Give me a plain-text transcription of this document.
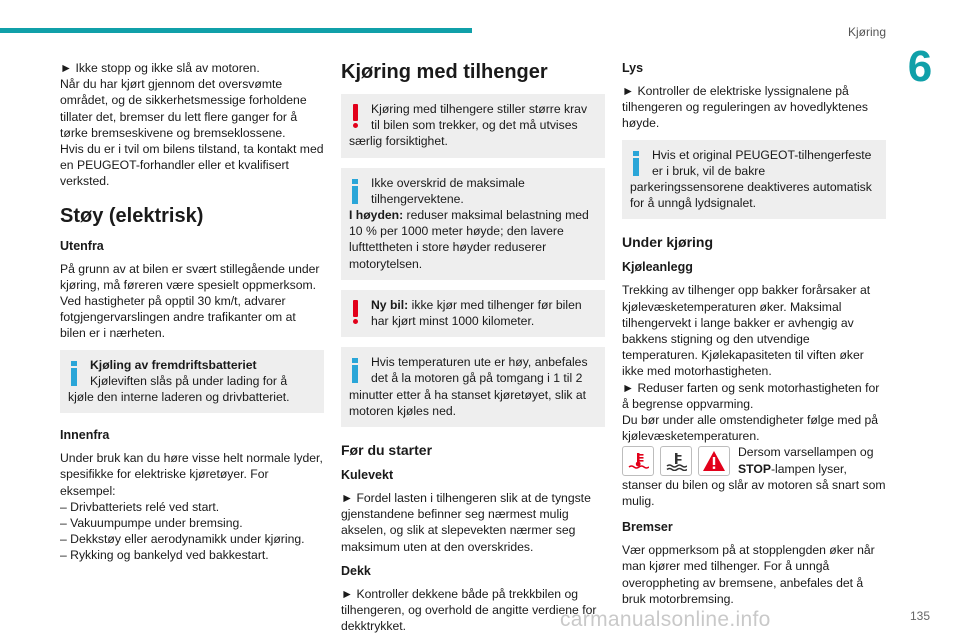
Kjøring
6

► Ikke stopp og ikke slå av motoren.

Når du har kjørt gjennom det oversvømte området, og de sikkerhetsmessige forholdene tillater det, bremser du lett flere ganger for å tørke bremseskivene og bremseklossene.

Hvis du er i tvil om bilens tilstand, ta kontakt med en PEUGEOT-forhandler eller et kvalifisert verksted.

Støy (elektrisk)
Utenfra

På grunn av at bilen er svært stillegående under kjøring, må føreren være spesielt oppmerksom. Ved hastigheter på opptil 30 km/t, advarer fotgjengervarslingen andre trafikanter om at bilen er i nærheten.

Kjøling av fremdriftsbatteriet

Kjøleviften slås på under lading for å

kjøle den interne laderen og drivbatteriet.

Innenfra

Under bruk kan du høre visse helt normale lyder, spesifikke for elektriske kjøretøyer. For eksempel:

– Drivbatteriets relé ved start.

– Vakuumpumpe under bremsing.

– Dekkstøy eller aerodynamikk under kjøring.

– Rykking og bankelyd ved bakkestart.

Kjøring med tilhenger

Kjøring med tilhengere stiller større krav til bilen som trekker, og det må utvises

særlig forsiktighet.

Ikke overskrid de maksimale tilhengervektene.

I høyden: reduser maksimal belastning med 10 % per 1000 meter høyde; den lavere lufttettheten i store høyder reduserer motorytelsen.

Ny bil: ikke kjør med tilhenger før bilen har kjørt minst 1000 kilometer.

Hvis temperaturen ute er høy, anbefales det å la motoren gå på tomgang i 1 til 2

minutter etter å ha stanset kjøretøyet, slik at motoren kjøles ned.

Før du starter
Kulevekt

► Fordel lasten i tilhengeren slik at de tyngste gjenstandene befinner seg nærmest mulig akselen, og slik at slepevekten nærmer seg maksimum uten at den overskrides.

Dekk

► Kontroller dekkene både på trekkbilen og tilhengeren, og overhold de angitte verdiene for dekktrykket.

Lys

► Kontroller de elektriske lyssignalene på tilhengeren og reguleringen av hovedlyktenes høyde.

Hvis et original PEUGEOT-tilhengerfeste er i bruk, vil de bakre

parkeringssensorene deaktiveres automatisk for å unngå lydsignalet.

Under kjøring
Kjøleanlegg

Trekking av tilhenger opp bakker forårsaker at kjølevæsketemperaturen øker. Maksimal tilhengervekt i lange bakker er avhengig av bakkens stigning og den utvendige temperaturen. Kjølekapasiteten til viften øker ikke med motorhastigheten.

► Reduser farten og senk motorhastigheten for å begrense oppvarming.

Du bør under alle omstendigheter følge med på kjølevæsketemperaturen.

Dersom varsellampen og STOP-lampen lyser, stanser du bilen og slår av motoren så snart som mulig.

Bremser

Vær oppmerksom på at stopplengden øker når man kjører med tilhenger. For å unngå overoppheting av bremsene, anbefales det å bruk motorbremsing.

carmanualsonline.info	135
